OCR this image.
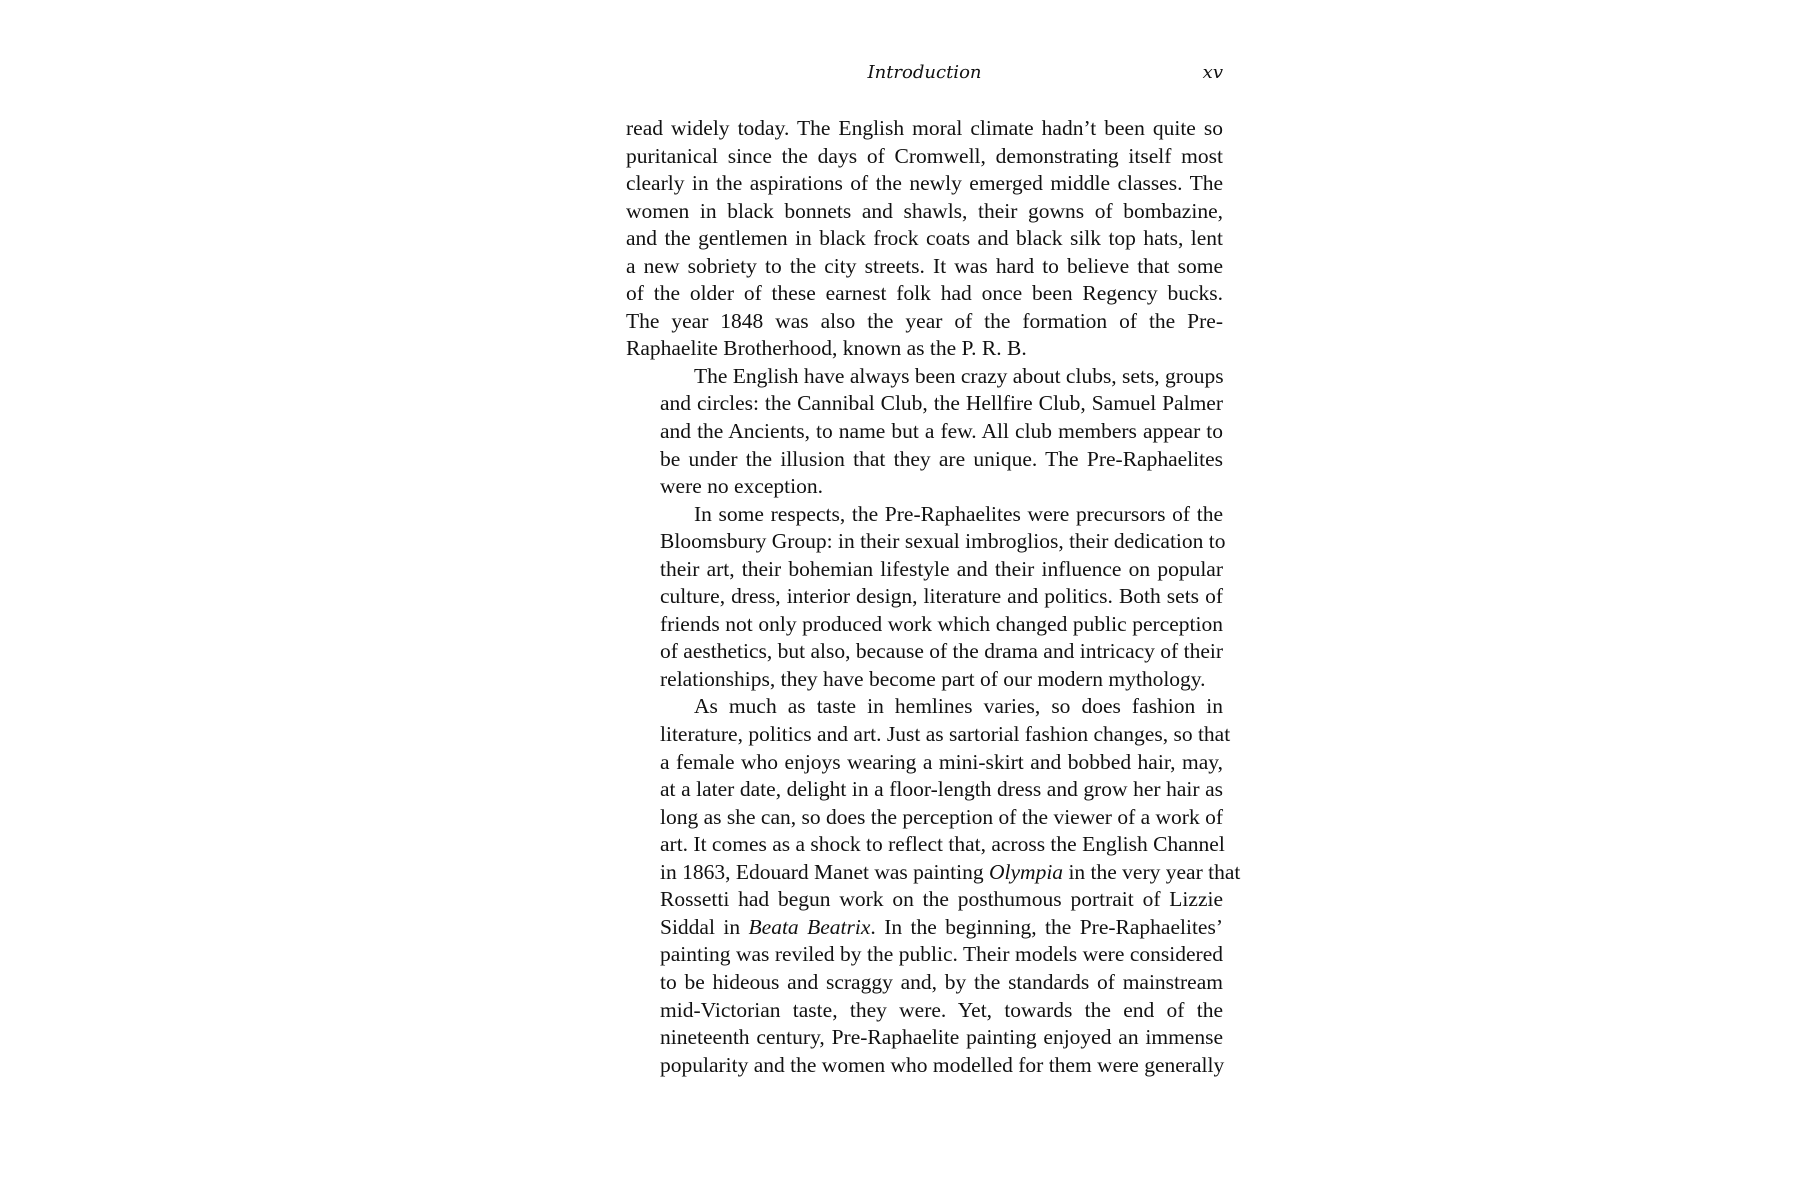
Introduction	xv

read widely today. The English moral climate hadn’t been quite so
puritanical since the days of Cromwell, demonstrating itself most
clearly in the aspirations of the newly emerged middle classes. The
women in black bonnets and shawls, their gowns of bombazine,
and the gentlemen in black frock coats and black silk top hats, lent
a new sobriety to the city streets. It was hard to believe that some
of the older of these earnest folk had once been Regency bucks.
The year 1848 was also the year of the formation of the Pre-
Raphaelite Brotherhood, known as the P. R. B.

The English have always been crazy about clubs, sets, groups
and circles: the Cannibal Club, the Hellfire Club, Samuel Palmer
and the Ancients, to name but a few. All club members appear to
be under the illusion that they are unique. The Pre-Raphaelites
were no exception.

In some respects, the Pre-Raphaelites were precursors of the
Bloomsbury Group: in their sexual imbroglios, their dedication to
their art, their bohemian lifestyle and their influence on popular
culture, dress, interior design, literature and politics. Both sets of
friends not only produced work which changed public perception
of aesthetics, but also, because of the drama and intricacy of their
relationships, they have become part of our modern mythology.

As much as taste in hemlines varies, so does fashion in
literature, politics and art. Just as sartorial fashion changes, so that
a female who enjoys wearing a mini-skirt and bobbed hair, may,
at a later date, delight in a floor-length dress and grow her hair as
long as she can, so does the perception of the viewer of a work of
art. It comes as a shock to reflect that, across the English Channel
in 1863, Edouard Manet was painting Olympia in the very year that
Rossetti had begun work on the posthumous portrait of Lizzie
Siddal in Beata Beatrix. In the beginning, the Pre-Raphaelites’
painting was reviled by the public. Their models were considered
to be hideous and scraggy and, by the standards of mainstream
mid-Victorian taste, they were. Yet, towards the end of the
nineteenth century, Pre-Raphaelite painting enjoyed an immense
popularity and the women who modelled for them were generally
